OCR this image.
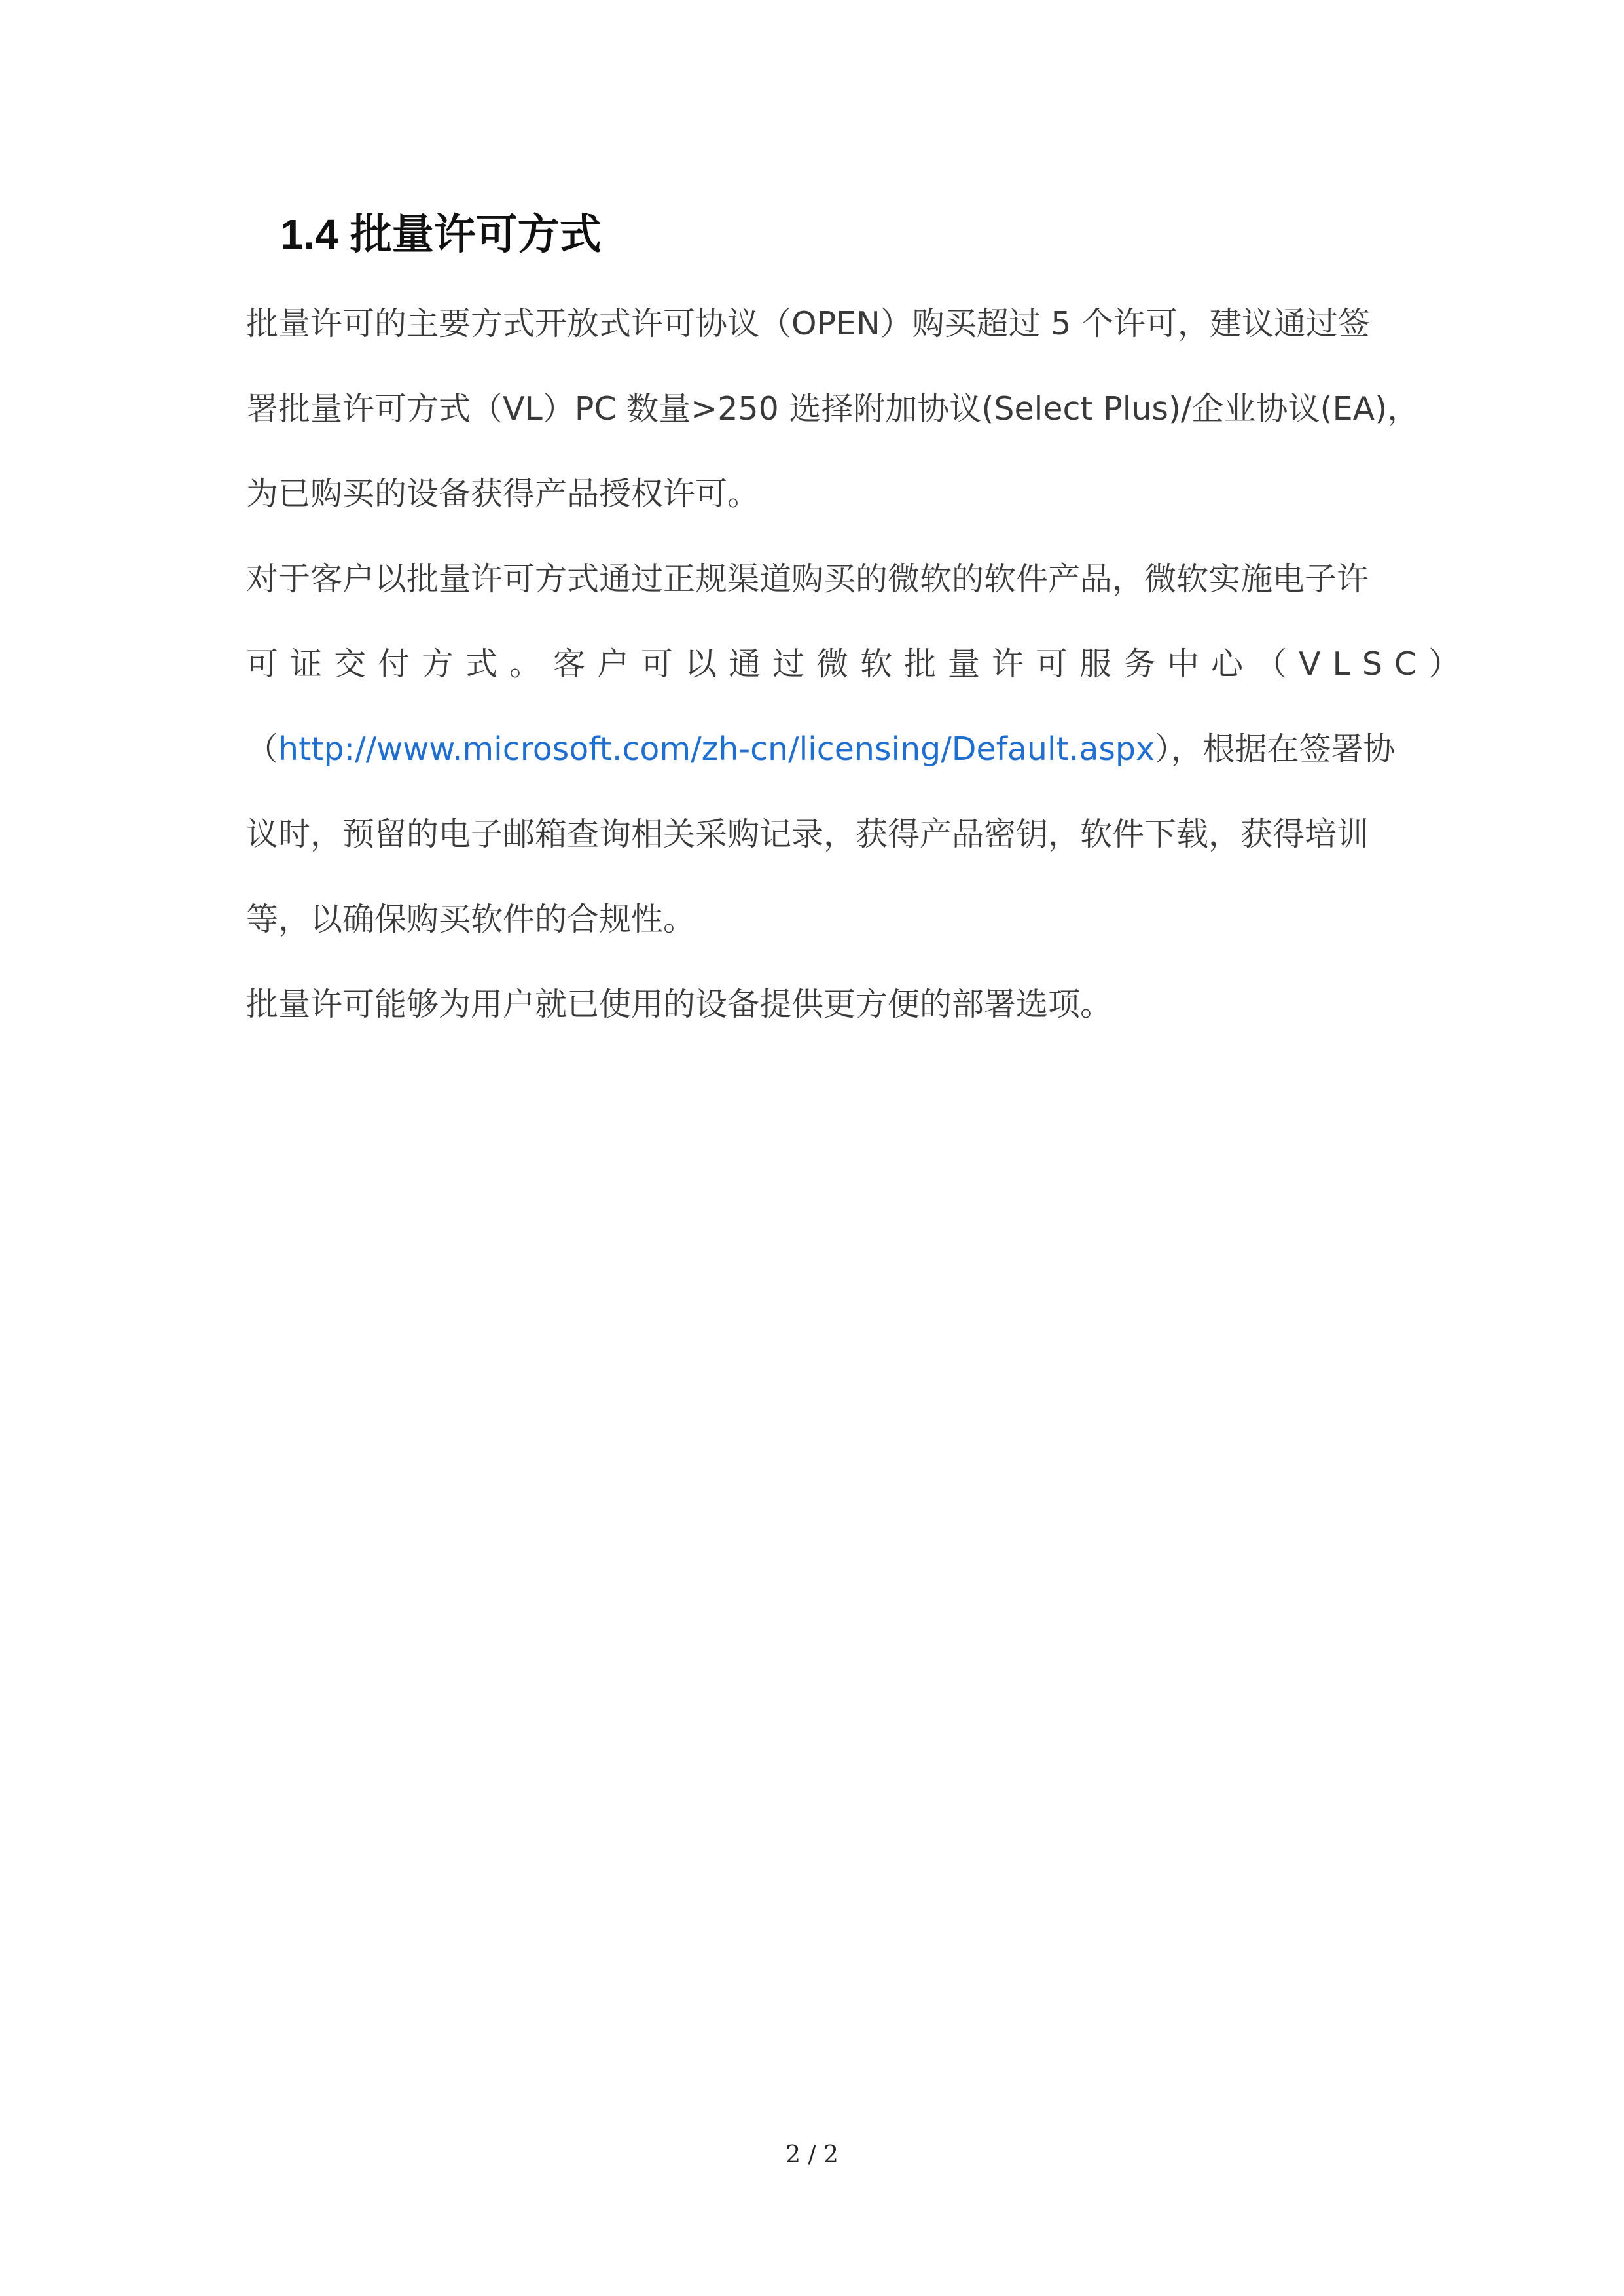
1.4 批量许可方式
批量许可的主要方式开放式许可协议（OPEN）购买超过 5 个许可，建议通过签
署批量许可方式（VL）PC 数量>250 选择附加协议(Select Plus)/企业协议(EA)，
为已购买的设备获得产品授权许可。
对于客户以批量许可方式通过正规渠道购买的微软的软件产品，微软实施电子许
可证交付方式。客户可以通过微软批量许可服务中心（VLSC）
（http://www.microsoft.com/zh-cn/licensing/Default.aspx），根据在签署协
议时，预留的电子邮箱查询相关采购记录，获得产品密钥，软件下载，获得培训
等，以确保购买软件的合规性。
批量许可能够为用户就已使用的设备提供更方便的部署选项。
2 / 2
